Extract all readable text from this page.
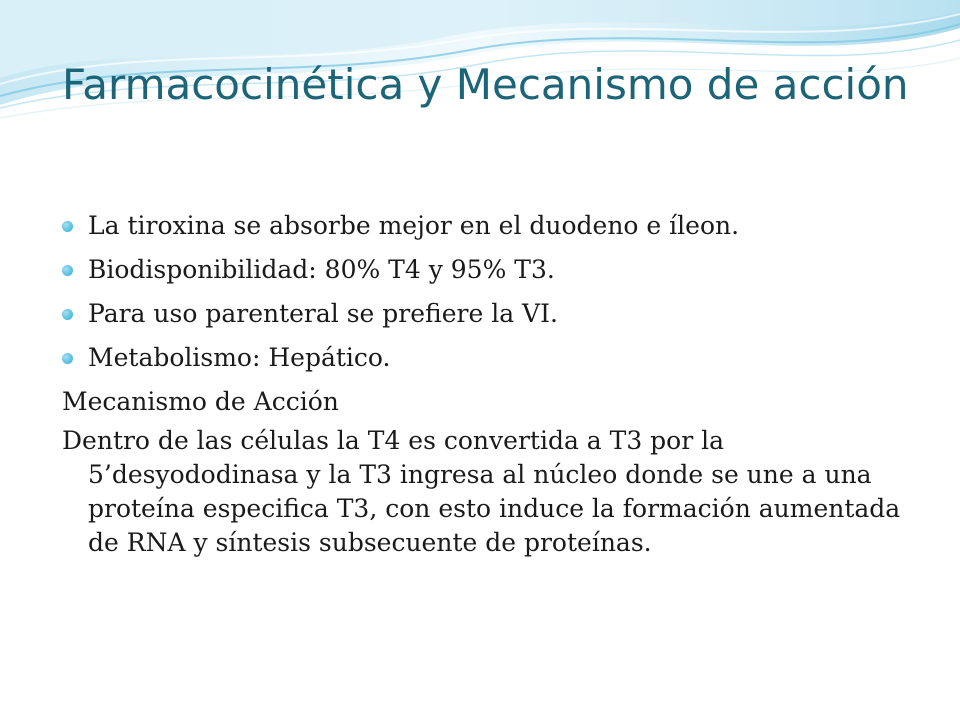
Farmacocinética y Mecanismo de acción
La tiroxina se absorbe mejor en el duodeno e íleon.
Biodisponibilidad: 80% T4 y 95% T3.
Para uso parenteral se prefiere la VI.
Metabolismo: Hepático.
Mecanismo de Acción
Dentro de las células la T4 es convertida a T3 por la 5’desyododinasa y la T3 ingresa al núcleo donde se une a una proteína especifica T3, con esto induce la formación aumentada de RNA y síntesis subsecuente de proteínas.
